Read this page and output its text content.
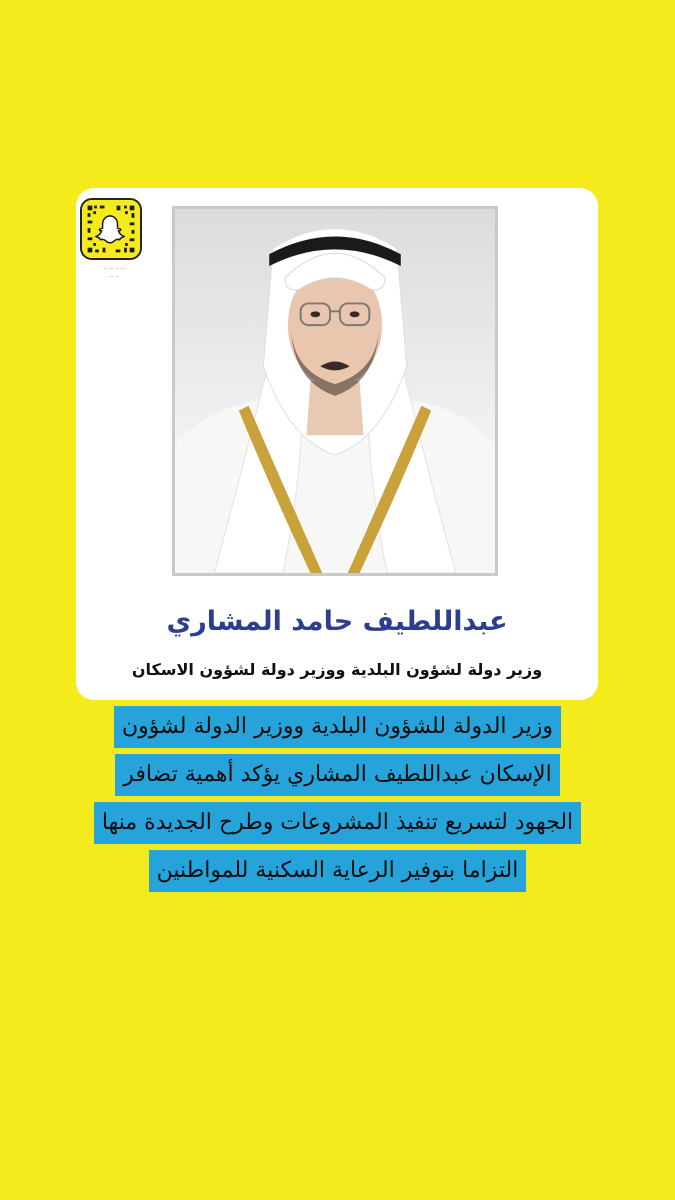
·· ·· ·· ··
·· ··
عبداللطيف حامد المشاري
وزير دولة لشؤون البلدية ووزير دولة لشؤون الاسكان
وزير الدولة للشؤون البلدية ووزير الدولة لشؤون
الإسكان عبداللطيف المشاري يؤكد أهمية تضافر
الجهود لتسريع تنفيذ المشروعات وطرح الجديدة منها
التزاما بتوفير الرعاية السكنية للمواطنين
